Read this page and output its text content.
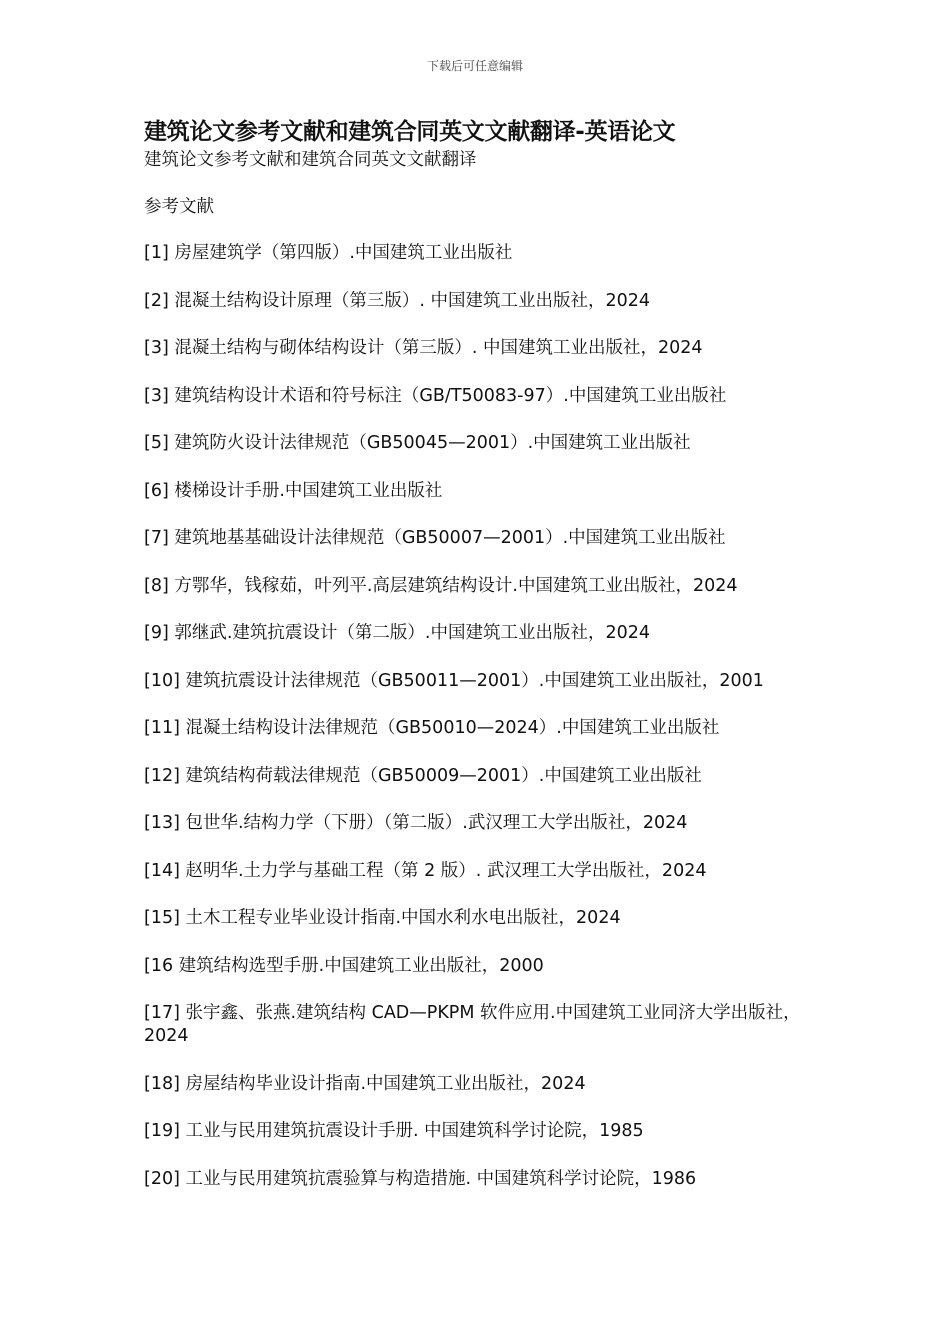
下载后可任意编辑
建筑论文参考文献和建筑合同英文文献翻译-英语论文

建筑论文参考文献和建筑合同英文文献翻译

参考文献

[1] 房屋建筑学（第四版）.中国建筑工业出版社
[2] 混凝土结构设计原理（第三版）. 中国建筑工业出版社，2024
[3] 混凝土结构与砌体结构设计（第三版）. 中国建筑工业出版社，2024
[3] 建筑结构设计术语和符号标注（GB/T50083-97）.中国建筑工业出版社
[5] 建筑防火设计法律规范（GB50045—2001）.中国建筑工业出版社
[6] 楼梯设计手册.中国建筑工业出版社
[7] 建筑地基基础设计法律规范（GB50007—2001）.中国建筑工业出版社
[8] 方鄂华，钱稼茹，叶列平.高层建筑结构设计.中国建筑工业出版社，2024
[9] 郭继武.建筑抗震设计（第二版）.中国建筑工业出版社，2024
[10] 建筑抗震设计法律规范（GB50011—2001）.中国建筑工业出版社，2001
[11] 混凝土结构设计法律规范（GB50010—2024）.中国建筑工业出版社
[12] 建筑结构荷载法律规范（GB50009—2001）.中国建筑工业出版社
[13] 包世华.结构力学（下册）（第二版）.武汉理工大学出版社，2024
[14] 赵明华.土力学与基础工程（第 2 版）. 武汉理工大学出版社，2024
[15] 土木工程专业毕业设计指南.中国水利水电出版社，2024
[16 建筑结构选型手册.中国建筑工业出版社，2000
[17] 张宇鑫、张燕.建筑结构 CAD—PKPM 软件应用.中国建筑工业同济大学出版社，2024
[18] 房屋结构毕业设计指南.中国建筑工业出版社，2024
[19] 工业与民用建筑抗震设计手册. 中国建筑科学讨论院，1985
[20] 工业与民用建筑抗震验算与构造措施. 中国建筑科学讨论院，1986
